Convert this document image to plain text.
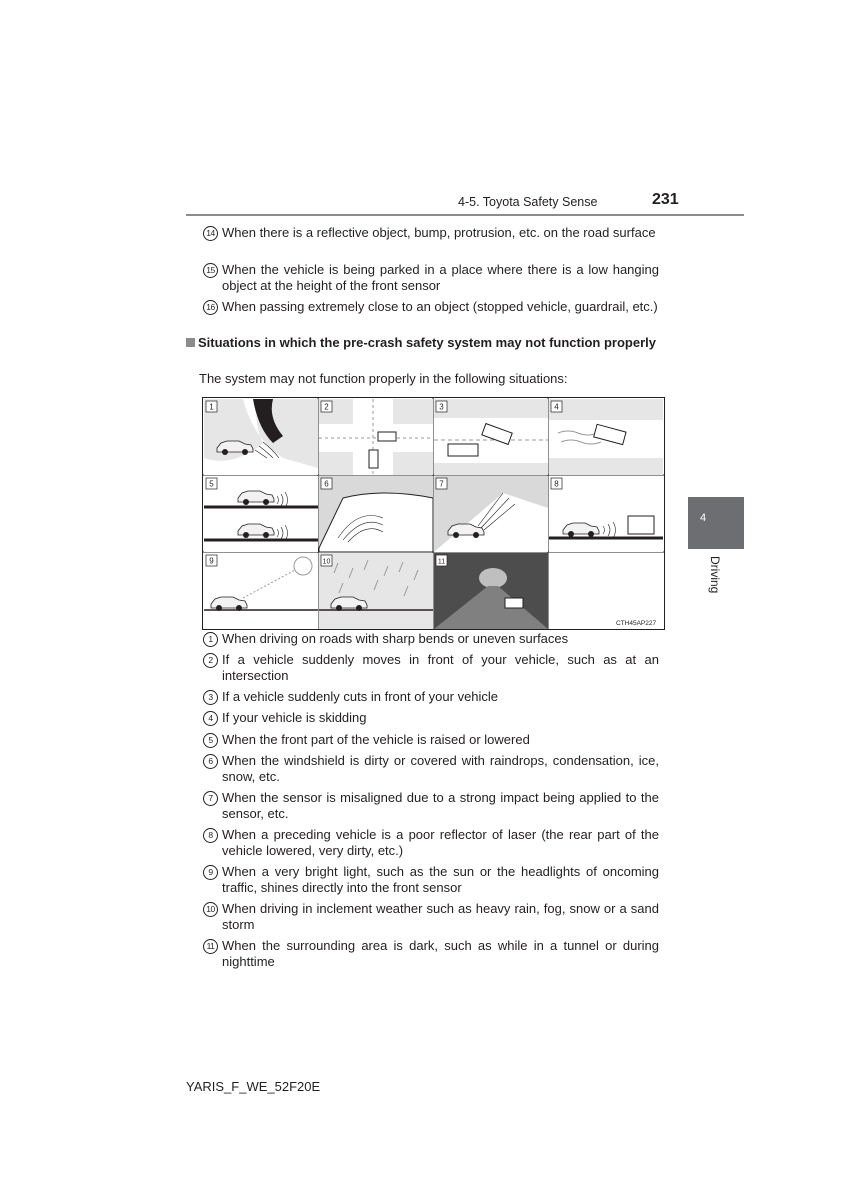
4-5. Toyota Safety Sense	231
4
Driving
14 When there is a reflective object, bump, protrusion, etc. on the road surface
15 When the vehicle is being parked in a place where there is a low hanging object at the height of the front sensor
16 When passing extremely close to an object (stopped vehicle, guardrail, etc.)
Situations in which the pre-crash safety system may not function properly
The system may not function properly in the following situations:
1	2	3	4
5	6	7	8
9	10	11
CTH45AP227
1 When driving on roads with sharp bends or uneven surfaces
2 If a vehicle suddenly moves in front of your vehicle, such as at an intersection
3 If a vehicle suddenly cuts in front of your vehicle
4 If your vehicle is skidding
5 When the front part of the vehicle is raised or lowered
6 When the windshield is dirty or covered with raindrops, condensation, ice, snow, etc.
7 When the sensor is misaligned due to a strong impact being applied to the sensor, etc.
8 When a preceding vehicle is a poor reflector of laser (the rear part of the vehicle lowered, very dirty, etc.)
9 When a very bright light, such as the sun or the headlights of oncoming traffic, shines directly into the front sensor
10 When driving in inclement weather such as heavy rain, fog, snow or a sand storm
11 When the surrounding area is dark, such as while in a tunnel or during nighttime
YARIS_F_WE_52F20E
